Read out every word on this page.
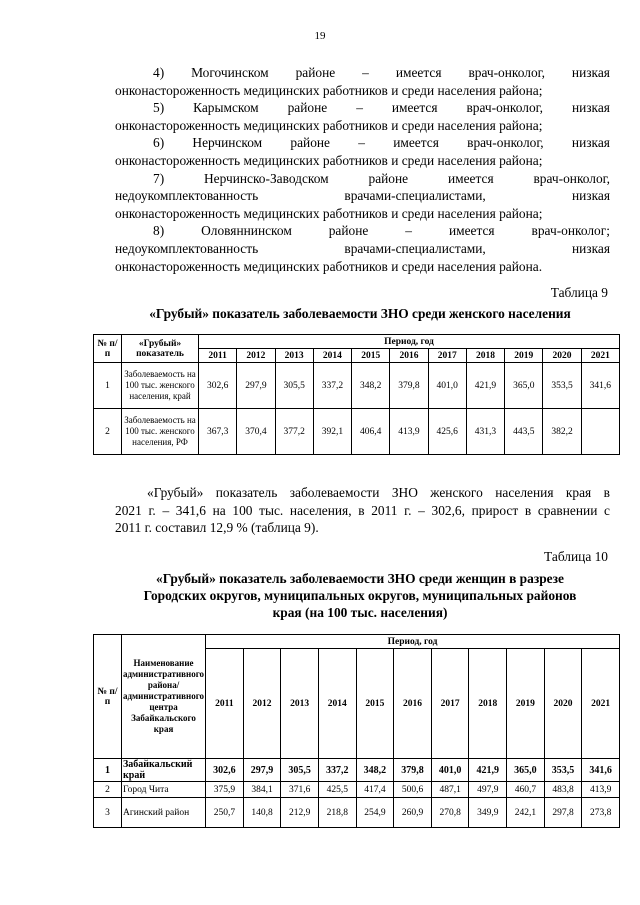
19
4) Могочинском районе – имеется врач-онколог, низкая
онконастороженность медицинских работников и среди населения района;
5) Карымском районе – имеется врач-онколог, низкая
онконастороженность медицинских работников и среди населения района;
6) Нерчинском районе – имеется врач-онколог, низкая
онконастороженность медицинских работников и среди населения района;
7)	Нерчинско-Заводском	районе	имеется	врач-онколог,
недоукомплектованность	врачами-специалистами,	низкая
онконастороженность медицинских работников и среди населения района;
8)	Оловяннинском	районе	–	имеется	врач-онколог;
недоукомплектованность	врачами-специалистами,	низкая
онконастороженность медицинских работников и среди населения района.
Таблица 9
«Грубый» показатель заболеваемости ЗНО среди женского населения
№ п/п	«Грубый» показатель	Период, год										
		2011	2012	2013	2014	2015	2016	2017	2018	2019	2020	2021
1	Заболеваемость на 100 тыс. женского населения, край	302,6	297,9	305,5	337,2	348,2	379,8	401,0	421,9	365,0	353,5	341,6
2	Заболеваемость на 100 тыс. женского населения, РФ	367,3	370,4	377,2	392,1	406,4	413,9	425,6	431,3	443,5	382,2	
«Грубый» показатель заболеваемости ЗНО женского населения края в
2021 г. – 341,6 на 100 тыс. населения, в 2011 г. – 302,6, прирост в сравнении с
2011 г. составил 12,9 % (таблица 9).
Таблица 10
«Грубый» показатель заболеваемости ЗНО среди женщин в разрезе
Городских округов, муниципальных округов, муниципальных районов
края (на 100 тыс. населения)
№ п/п	Наименование административного района/ административного центра Забайкальского края	Период, год										
		2011	2012	2013	2014	2015	2016	2017	2018	2019	2020	2021
1	Забайкальский край	302,6	297,9	305,5	337,2	348,2	379,8	401,0	421,9	365,0	353,5	341,6
2	Город Чита	375,9	384,1	371,6	425,5	417,4	500,6	487,1	497,9	460,7	483,8	413,9
3	Агинский район	250,7	140,8	212,9	218,8	254,9	260,9	270,8	349,9	242,1	297,8	273,8
